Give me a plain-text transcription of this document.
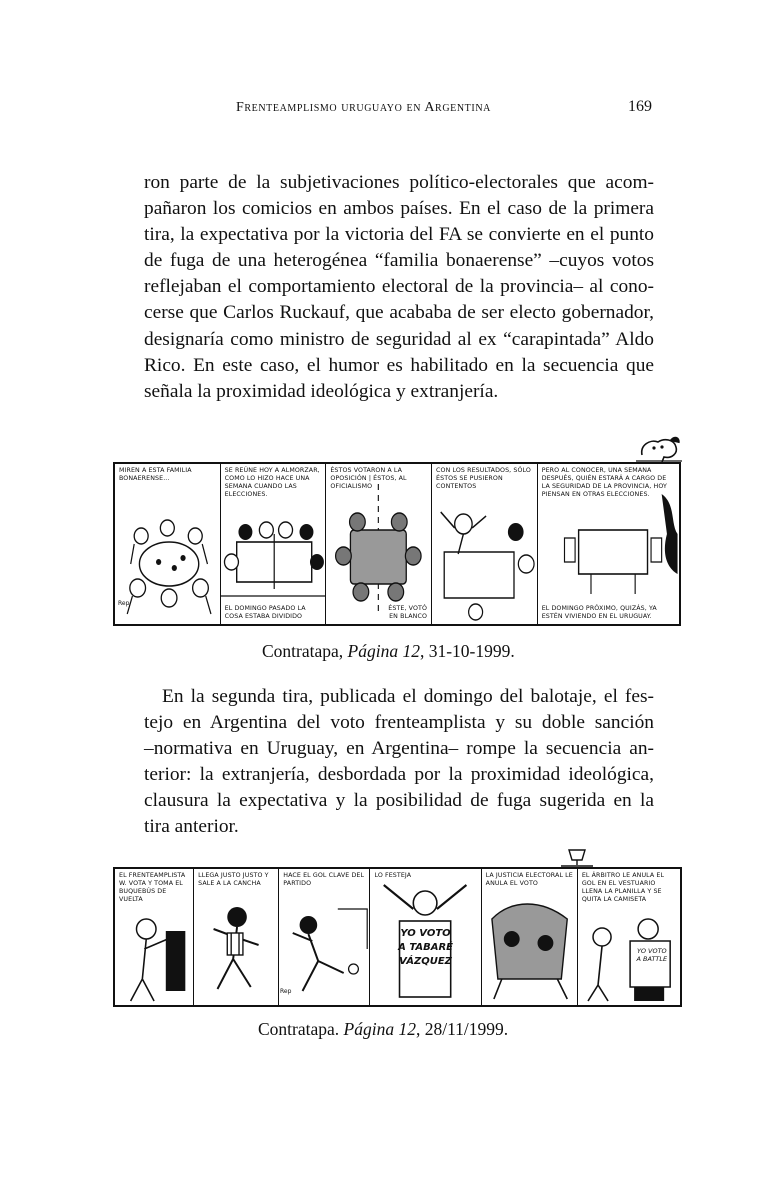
Frenteamplismo uruguayo en Argentina	169

ron parte de la subjetivaciones político-electorales que acom-
pañaron los comicios en ambos países. En el caso de la primera
tira, la expectativa por la victoria del FA se convierte en el punto
de fuga de una heterogénea “familia bonaerense” –cuyos votos
reflejaban el comportamiento electoral de la provincia– al cono-
cerse que Carlos Ruckauf, que acababa de ser electo gobernador,
designaría como ministro de seguridad al ex “carapintada” Aldo
Rico. En este caso, el humor es habilitado en la secuencia que
señala la proximidad ideológica y extranjería.

MIREN A ESTA FAMILIA BONAERENSE...
SE REÚNE HOY A ALMORZAR, COMO LO HIZO HACE UNA SEMANA CUANDO LAS ELECCIONES.
EL DOMINGO PASADO LA COSA ESTABA DIVIDIDO
ÉSTOS VOTARON A LA OPOSICIÓN | ÉSTOS, AL OFICIALISMO
ÉSTE, VOTÓ EN BLANCO
CON LOS RESULTADOS, SÓLO ÉSTOS SE PUSIERON CONTENTOS
PERO AL CONOCER, UNA SEMANA DESPUÉS, QUIÉN ESTARÁ A CARGO DE LA SEGURIDAD DE LA PROVINCIA, HOY PIENSAN EN OTRAS ELECCIONES.
EL DOMINGO PRÓXIMO, QUIZÁS, YA ESTÉN VIVIENDO EN EL URUGUAY.
Contratapa, Página 12, 31-10-1999.

En la segunda tira, publicada el domingo del balotaje, el fes-
tejo en Argentina del voto frenteamplista y su doble sanción
–normativa en Uruguay, en Argentina– rompe la secuencia an-
terior: la extranjería, desbordada por la proximidad ideológica,
clausura la expectativa y la posibilidad de fuga sugerida en la
tira anterior.

EL FRENTEAMPLISTA W. VOTA Y TOMA EL BUQUEBÚS DE VUELTA
LLEGA JUSTO JUSTO Y SALE A LA CANCHA
HACE EL GOL CLAVE DEL PARTIDO
LO FESTEJA
YO VOTO A TABARÉ VÁZQUEZ
LA JUSTICIA ELECTORAL LE ANULA EL VOTO
EL ÁRBITRO LE ANULA EL GOL EN EL VESTUARIO LLENA LA PLANILLA Y SE QUITA LA CAMISETA
YO VOTO A BATTLE
Contratapa. Página 12, 28/11/1999.
Rep
Rep
